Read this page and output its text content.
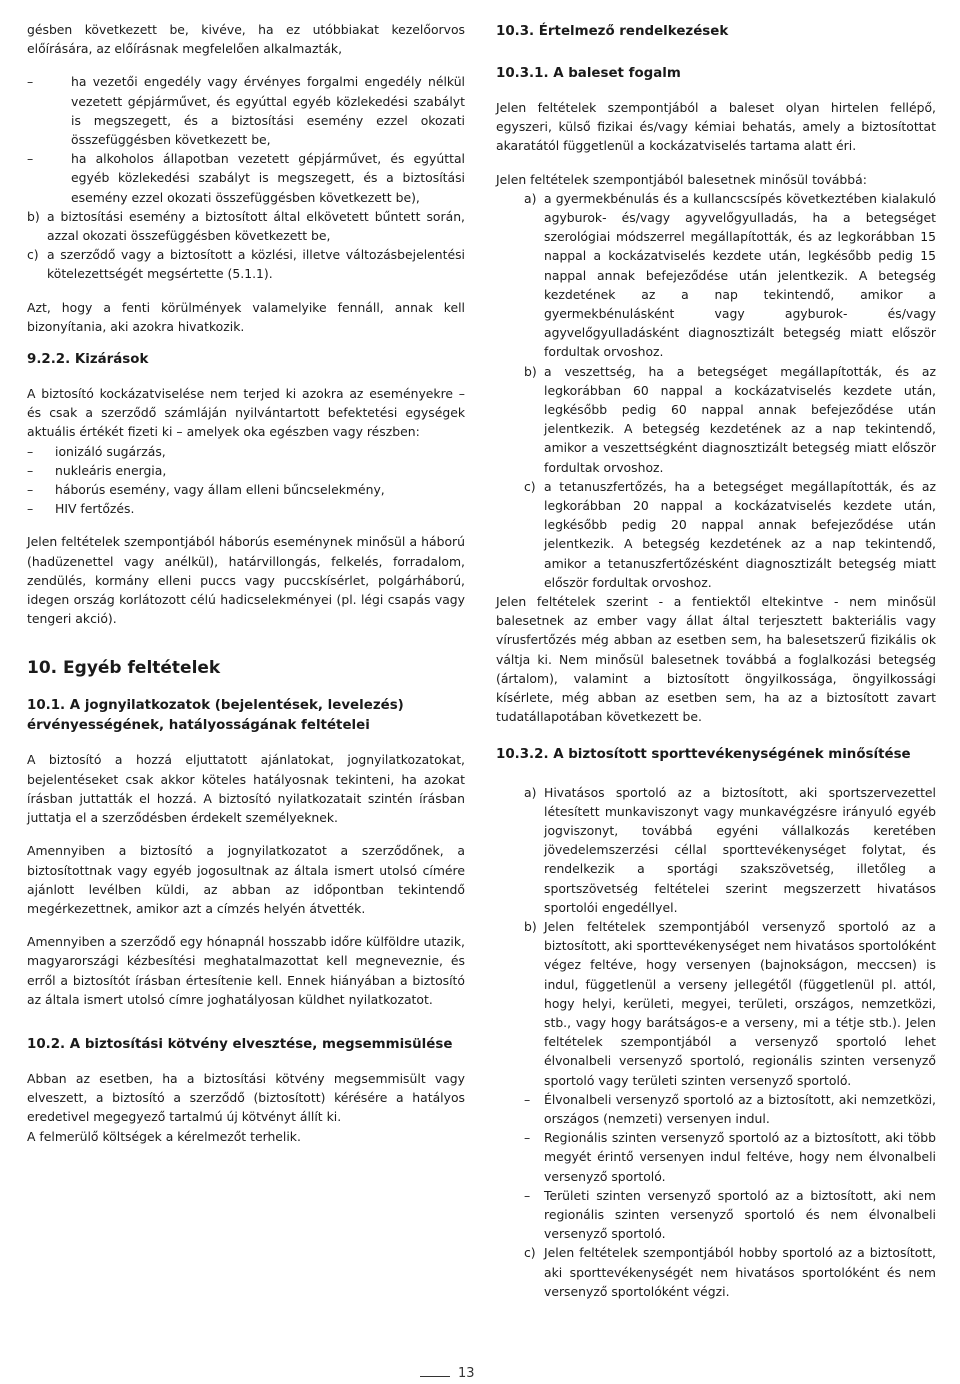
gésben következett be, kivéve, ha ez utóbbiakat kezelőorvos előírására, az előírásnak megfelelően alkalmazták,

– ha vezetői engedély vagy érvényes forgalmi engedély nélkül vezetett gépjárművet, és egyúttal egyéb közlekedési szabályt is megszegett, és a biztosítási esemény ezzel okozati összefüggésben következett be,

– ha alkoholos állapotban vezetett gépjárművet, és egyúttal egyéb közlekedési szabályt is megszegett, és a biztosítási esemény ezzel okozati összefüggésben következett be),

b) a biztosítási esemény a biztosított által elkövetett bűntett során, azzal okozati összefüggésben következett be,

c) a szerződő vagy a biztosított a közlési, illetve változásbejelentési kötelezettségét megsértette (5.1.1).

Azt, hogy a fenti körülmények valamelyike fennáll, annak kell bizonyítania, aki azokra hivatkozik.

9.2.2. Kizárások

A biztosító kockázatviselése nem terjed ki azokra az eseményekre – és csak a szerződő számláján nyilvántartott befektetési egységek aktuális értékét fizeti ki – amelyek oka egészben vagy részben:

– ionizáló sugárzás,

– nukleáris energia,

– háborús esemény, vagy állam elleni bűncselekmény,

– HIV fertőzés.

Jelen feltételek szempontjából háborús eseménynek minősül a háború (hadüzenettel vagy anélkül), határvillongás, felkelés, forradalom, zendülés, kormány elleni puccs vagy puccskísérlet, polgárháború, idegen ország korlátozott célú hadicselekményei (pl. légi csapás vagy tengeri akció).

10. Egyéb feltételek
10.1. A jognyilatkozatok (bejelentések, levelezés) érvényességének, hatályosságának feltételei

A biztosító a hozzá eljuttatott ajánlatokat, jognyilatkozatokat, bejelentéseket csak akkor köteles hatályosnak tekinteni, ha azokat írásban juttatták el hozzá. A biztosító nyilatkozatait szintén írásban juttatja el a szerződésben érdekelt személyeknek.

Amennyiben a biztosító a jognyilatkozatot a szerződőnek, a biztosítottnak vagy egyéb jogosultnak az általa ismert utolsó címére ajánlott levélben küldi, az abban az időpontban tekintendő megérkezettnek, amikor azt a címzés helyén átvették.

Amennyiben a szerződő egy hónapnál hosszabb időre külföldre utazik, magyarországi kézbesítési meghatalmazottat kell megneveznie, és erről a biztosítót írásban értesítenie kell. Ennek hiányában a biztosító az általa ismert utolsó címre joghatályosan küldhet nyilatkozatot.

10.2. A biztosítási kötvény elvesztése, megsemmisülése

Abban az esetben, ha a biztosítási kötvény megsemmisült vagy elveszett, a biztosító a szerződő (biztosított) kérésére a hatályos eredetivel megegyező tartalmú új kötvényt állít ki.

A felmerülő költségek a kérelmezőt terhelik.

10.3. Értelmező rendelkezések
10.3.1. A baleset fogalm

Jelen feltételek szempontjából a baleset olyan hirtelen fellépő, egyszeri, külső fizikai és/vagy kémiai behatás, amely a biztosítottat akaratától függetlenül a kockázatviselés tartama alatt éri.

Jelen feltételek szempontjából balesetnek minősül továbbá:

a) a gyermekbénulás és a kullancscsípés következtében kialakuló agyburok- és/vagy agyvelőgyulladás, ha a betegséget szerológiai módszerrel megállapították, és az legkorábban 15 nappal a kockázatviselés kezdete után, legkésőbb pedig 15 nappal annak befejeződése után jelentkezik. A betegség kezdetének az a nap tekintendő, amikor a gyermekbénulásként vagy agyburok- és/vagy agyvelőgyulladásként diagnosztizált betegség miatt először fordultak orvoshoz.

b) a veszettség, ha a betegséget megállapították, és az legkorábban 60 nappal a kockázatviselés kezdete után, legkésőbb pedig 60 nappal annak befejeződése után jelentkezik. A betegség kezdetének az a nap tekintendő, amikor a veszettségként diagnosztizált betegség miatt először fordultak orvoshoz.

c) a tetanuszfertőzés, ha a betegséget megállapították, és az legkorábban 20 nappal a kockázatviselés kezdete után, legkésőbb pedig 20 nappal annak befejeződése után jelentkezik. A betegség kezdetének az a nap tekintendő, amikor a tetanuszfertőzésként diagnosztizált betegség miatt először fordultak orvoshoz.

Jelen feltételek szerint - a fentiektől eltekintve - nem minősül balesetnek az ember vagy állat által terjesztett bakteriális vagy vírusfertőzés még abban az esetben sem, ha balesetszerű fizikális ok váltja ki. Nem minősül balesetnek továbbá a foglalkozási betegség (ártalom), valamint a biztosított öngyilkossága, öngyilkossági kísérlete, még abban az esetben sem, ha az a biztosított zavart tudatállapotában következett be.

10.3.2. A biztosított sporttevékenységének minősítése
a) Hivatásos sportoló az a biztosított, aki sportszervezettel létesített munkaviszonyt vagy munkavégzésre irányuló egyéb jogviszonyt, továbbá egyéni vállalkozás keretében jövedelemszerzési céllal sporttevékenységet folytat, és rendelkezik a sportági szakszövetség, illetőleg a sportszövetség feltételei szerint megszerzett hivatásos sportolói engedéllyel.

b) Jelen feltételek szempontjából versenyző sportoló az a biztosított, aki sporttevékenységet nem hivatásos sportolóként végez feltéve, hogy versenyen (bajnokságon, meccsen) is indul, függetlenül a verseny jellegétől (függetlenül pl. attól, hogy helyi, kerületi, megyei, területi, országos, nemzetközi, stb., vagy hogy barátságos-e a verseny, mi a tétje stb.). Jelen feltételek szempontjából a versenyző sportoló lehet élvonalbeli versenyző sportoló, regionális szinten versenyző sportoló vagy területi szinten versenyző sportoló.

– Élvonalbeli versenyző sportoló az a biztosított, aki nemzetközi, országos (nemzeti) versenyen indul.

– Regionális szinten versenyző sportoló az a biztosított, aki több megyét érintő versenyen indul feltéve, hogy nem élvonalbeli versenyző sportoló.

– Területi szinten versenyző sportoló az a biztosított, aki nem regionális szinten versenyző sportoló és nem élvonalbeli versenyző sportoló.

c) Jelen feltételek szempontjából hobby sportoló az a biztosított, aki sporttevékenységét nem hivatásos sportolóként és nem versenyző sportolóként végzi.

13
